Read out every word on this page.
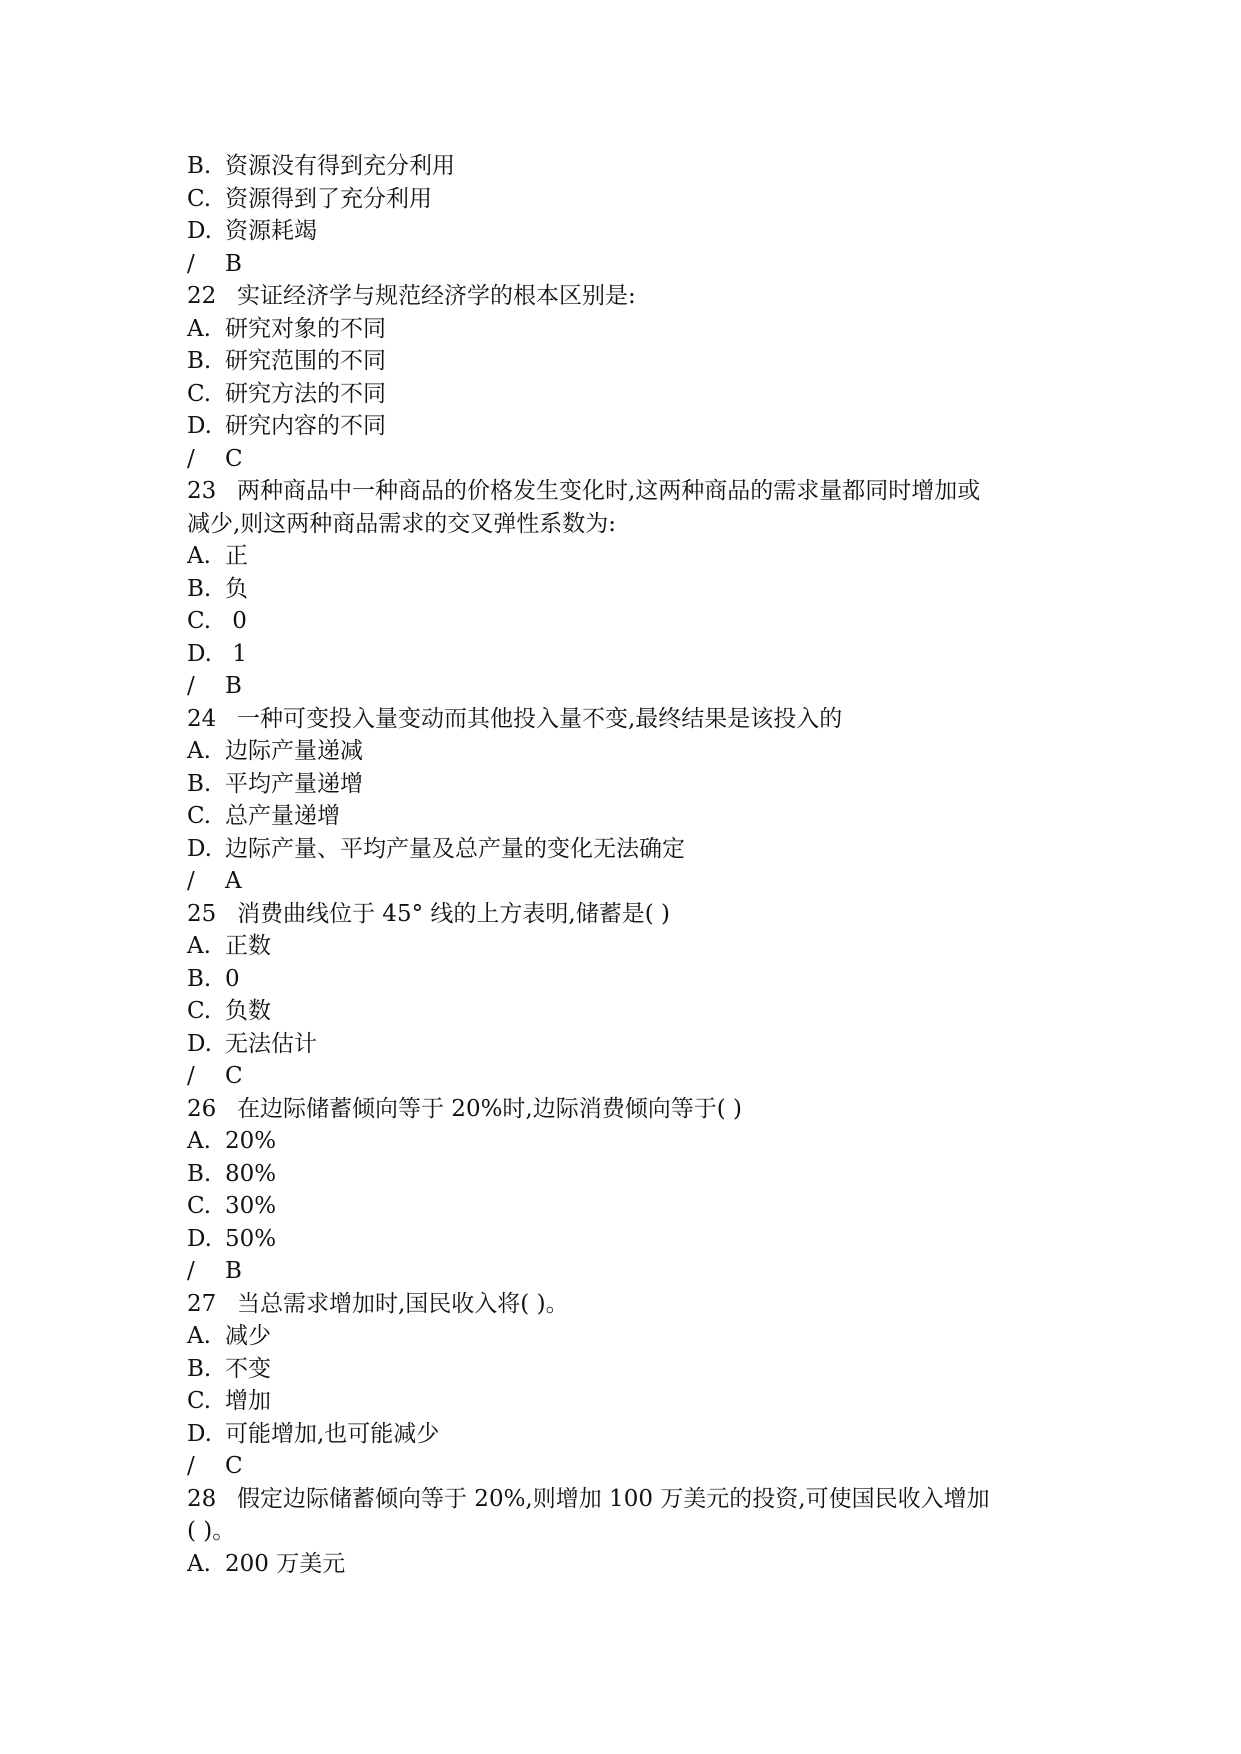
B. 资源没有得到充分利用
C. 资源得到了充分利用
D. 资源耗竭
/ B
22 实证经济学与规范经济学的根本区别是:
A. 研究对象的不同
B. 研究范围的不同
C. 研究方法的不同
D. 研究内容的不同
/ C
23 两种商品中一种商品的价格发生变化时,这两种商品的需求量都同时增加或
减少,则这两种商品需求的交叉弹性系数为:
A. 正
B. 负
C. 0
D. 1
/ B
24 一种可变投入量变动而其他投入量不变,最终结果是该投入的
A. 边际产量递减
B. 平均产量递增
C. 总产量递增
D. 边际产量、平均产量及总产量的变化无法确定
/ A
25 消费曲线位于 45° 线的上方表明,储蓄是( )
A. 正数
B. 0
C. 负数
D. 无法估计
/ C
26 在边际储蓄倾向等于 20%时,边际消费倾向等于( )
A. 20%
B. 80%
C. 30%
D. 50%
/ B
27 当总需求增加时,国民收入将( )。
A. 减少
B. 不变
C. 增加
D. 可能增加,也可能减少
/ C
28 假定边际储蓄倾向等于 20%,则增加 100 万美元的投资,可使国民收入增加
( )。
A. 200 万美元
